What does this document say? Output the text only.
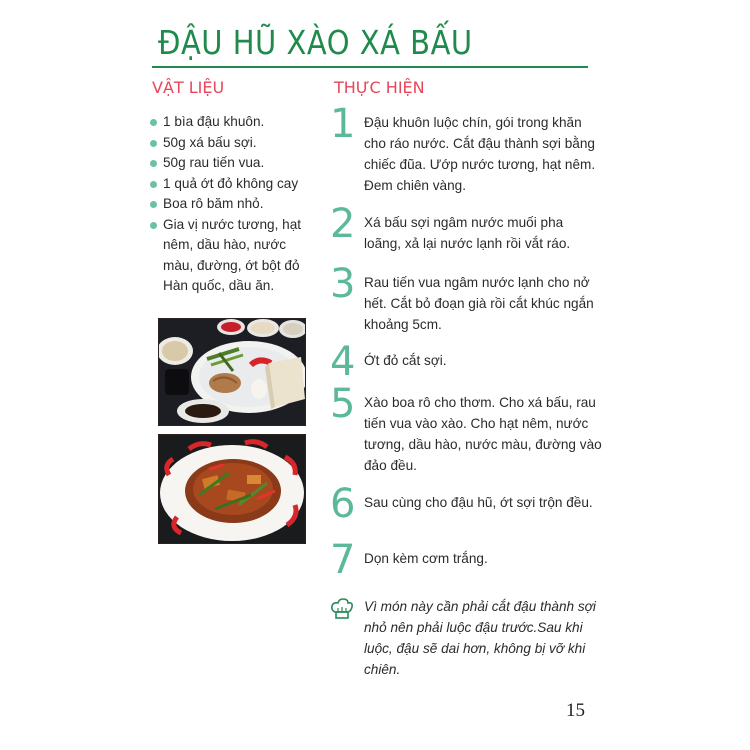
ĐẬU HŨ XÀO XÁ BẤU
VẬT LIỆU	THỰC HIỆN
1 bìa đậu khuôn.
50g xá bấu sợi.
50g rau tiến vua.
1 quả ớt đỏ không cay
Boa rô băm nhỏ.
Gia vị nước tương, hạt nêm, dầu hào, nước màu, đường, ớt bột đỏ Hàn quốc, dầu ăn.
1 Đậu khuôn luộc chín, gói trong khăn cho ráo nước. Cắt đậu thành sợi bằng chiếc đũa. Ướp nước tương, hạt nêm. Đem chiên vàng.
2 Xá bấu sợi ngâm nước muối pha loãng, xả lại nước lạnh rồi vắt ráo.
3 Rau tiến vua ngâm nước lạnh cho nở hết. Cắt bỏ đoạn già rồi cắt khúc ngắn khoảng 5cm.
4 Ớt đỏ cắt sợi.
5 Xào boa rô cho thơm. Cho xá bấu, rau tiến vua vào xào. Cho hạt nêm, nước tương, dầu hào, nước màu, đường vào đảo đều.
6 Sau cùng cho đậu hũ, ớt sợi trộn đều.
7 Dọn kèm cơm trắng.
Vì món này cần phải cắt đậu thành sợi nhỏ nên phải luộc đậu trước.Sau khi luộc, đậu sẽ dai hơn, không bị vỡ khi chiên.
15
